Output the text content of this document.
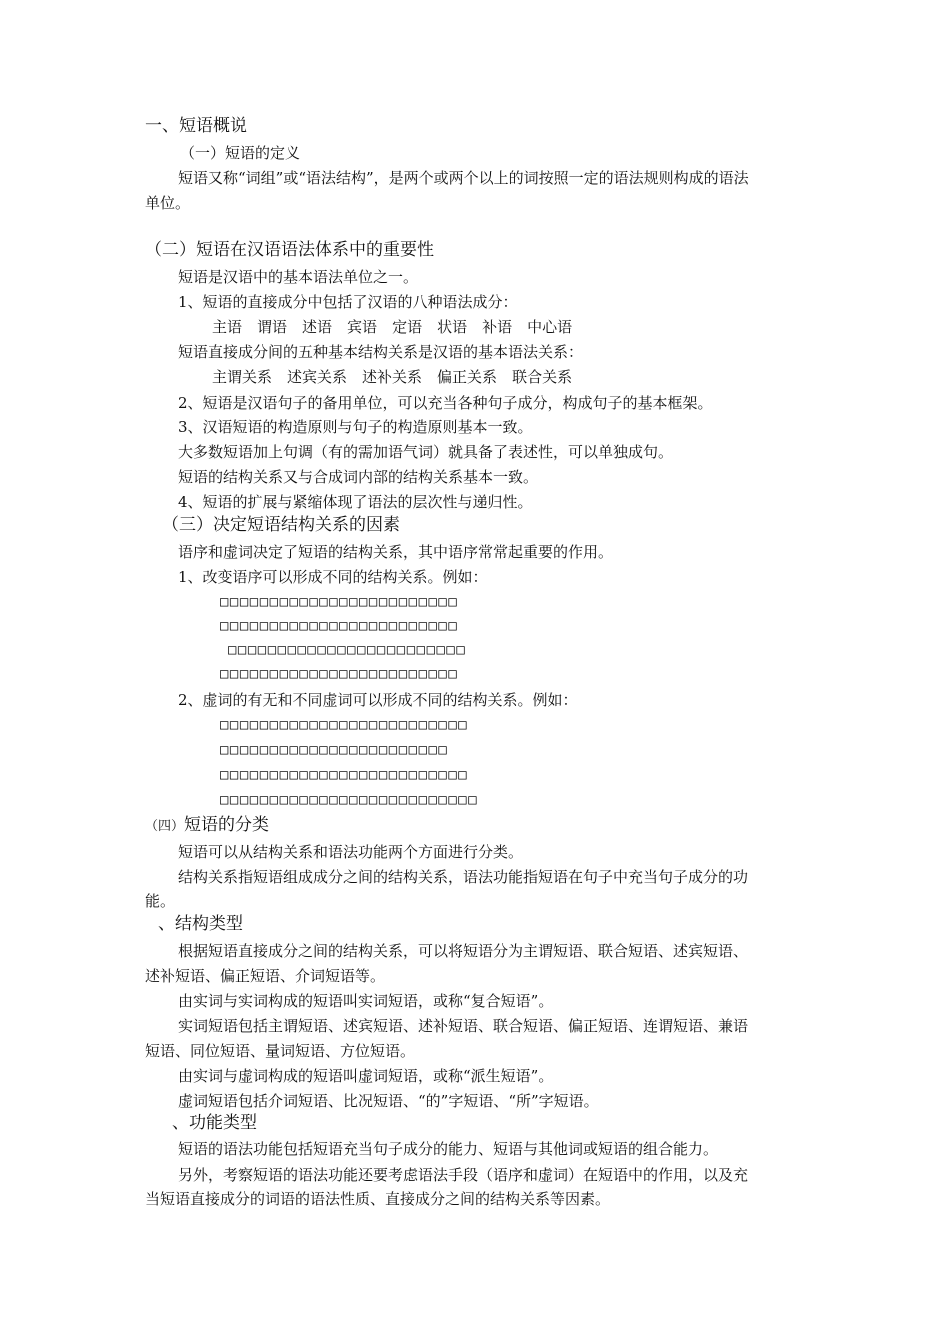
一、短语概说
（一）短语的定义
短语又称“词组”或“语法结构”，是两个或两个以上的词按照一定的语法规则构成的语法
单位。
（二）短语在汉语语法体系中的重要性
短语是汉语中的基本语法单位之一。
1、短语的直接成分中包括了汉语的八种语法成分：
主语 谓语 述语 宾语 定语 状语 补语 中心语
短语直接成分间的五种基本结构关系是汉语的基本语法关系：
主谓关系 述宾关系 述补关系 偏正关系 联合关系
2、短语是汉语句子的备用单位，可以充当各种句子成分，构成句子的基本框架。
3、汉语短语的构造原则与句子的构造原则基本一致。
大多数短语加上句调（有的需加语气词）就具备了表述性，可以单独成句。
短语的结构关系又与合成词内部的结构关系基本一致。
4、短语的扩展与紧缩体现了语法的层次性与递归性。
（三）决定短语结构关系的因素
语序和虚词决定了短语的结构关系，其中语序常常起重要的作用。
1、改变语序可以形成不同的结构关系。例如：
□□□□□□□□□□□□□□□□□□□□□□□□
□□□□□□□□□□□□□□□□□□□□□□□□
□□□□□□□□□□□□□□□□□□□□□□□□
□□□□□□□□□□□□□□□□□□□□□□□□
2、虚词的有无和不同虚词可以形成不同的结构关系。例如：
□□□□□□□□□□□□□□□□□□□□□□□□□
□□□□□□□□□□□□□□□□□□□□□□□
□□□□□□□□□□□□□□□□□□□□□□□□□
□□□□□□□□□□□□□□□□□□□□□□□□□□
（四）短语的分类
短语可以从结构关系和语法功能两个方面进行分类。
结构关系指短语组成成分之间的结构关系，语法功能指短语在句子中充当句子成分的功
能。
、结构类型
根据短语直接成分之间的结构关系，可以将短语分为主谓短语、联合短语、述宾短语、
述补短语、偏正短语、介词短语等。
由实词与实词构成的短语叫实词短语，或称“复合短语”。
实词短语包括主谓短语、述宾短语、述补短语、联合短语、偏正短语、连谓短语、兼语
短语、同位短语、量词短语、方位短语。
由实词与虚词构成的短语叫虚词短语，或称“派生短语”。
虚词短语包括介词短语、比况短语、“的”字短语、“所”字短语。
、功能类型
短语的语法功能包括短语充当句子成分的能力、短语与其他词或短语的组合能力。
另外，考察短语的语法功能还要考虑语法手段（语序和虚词）在短语中的作用，以及充
当短语直接成分的词语的语法性质、直接成分之间的结构关系等因素。
